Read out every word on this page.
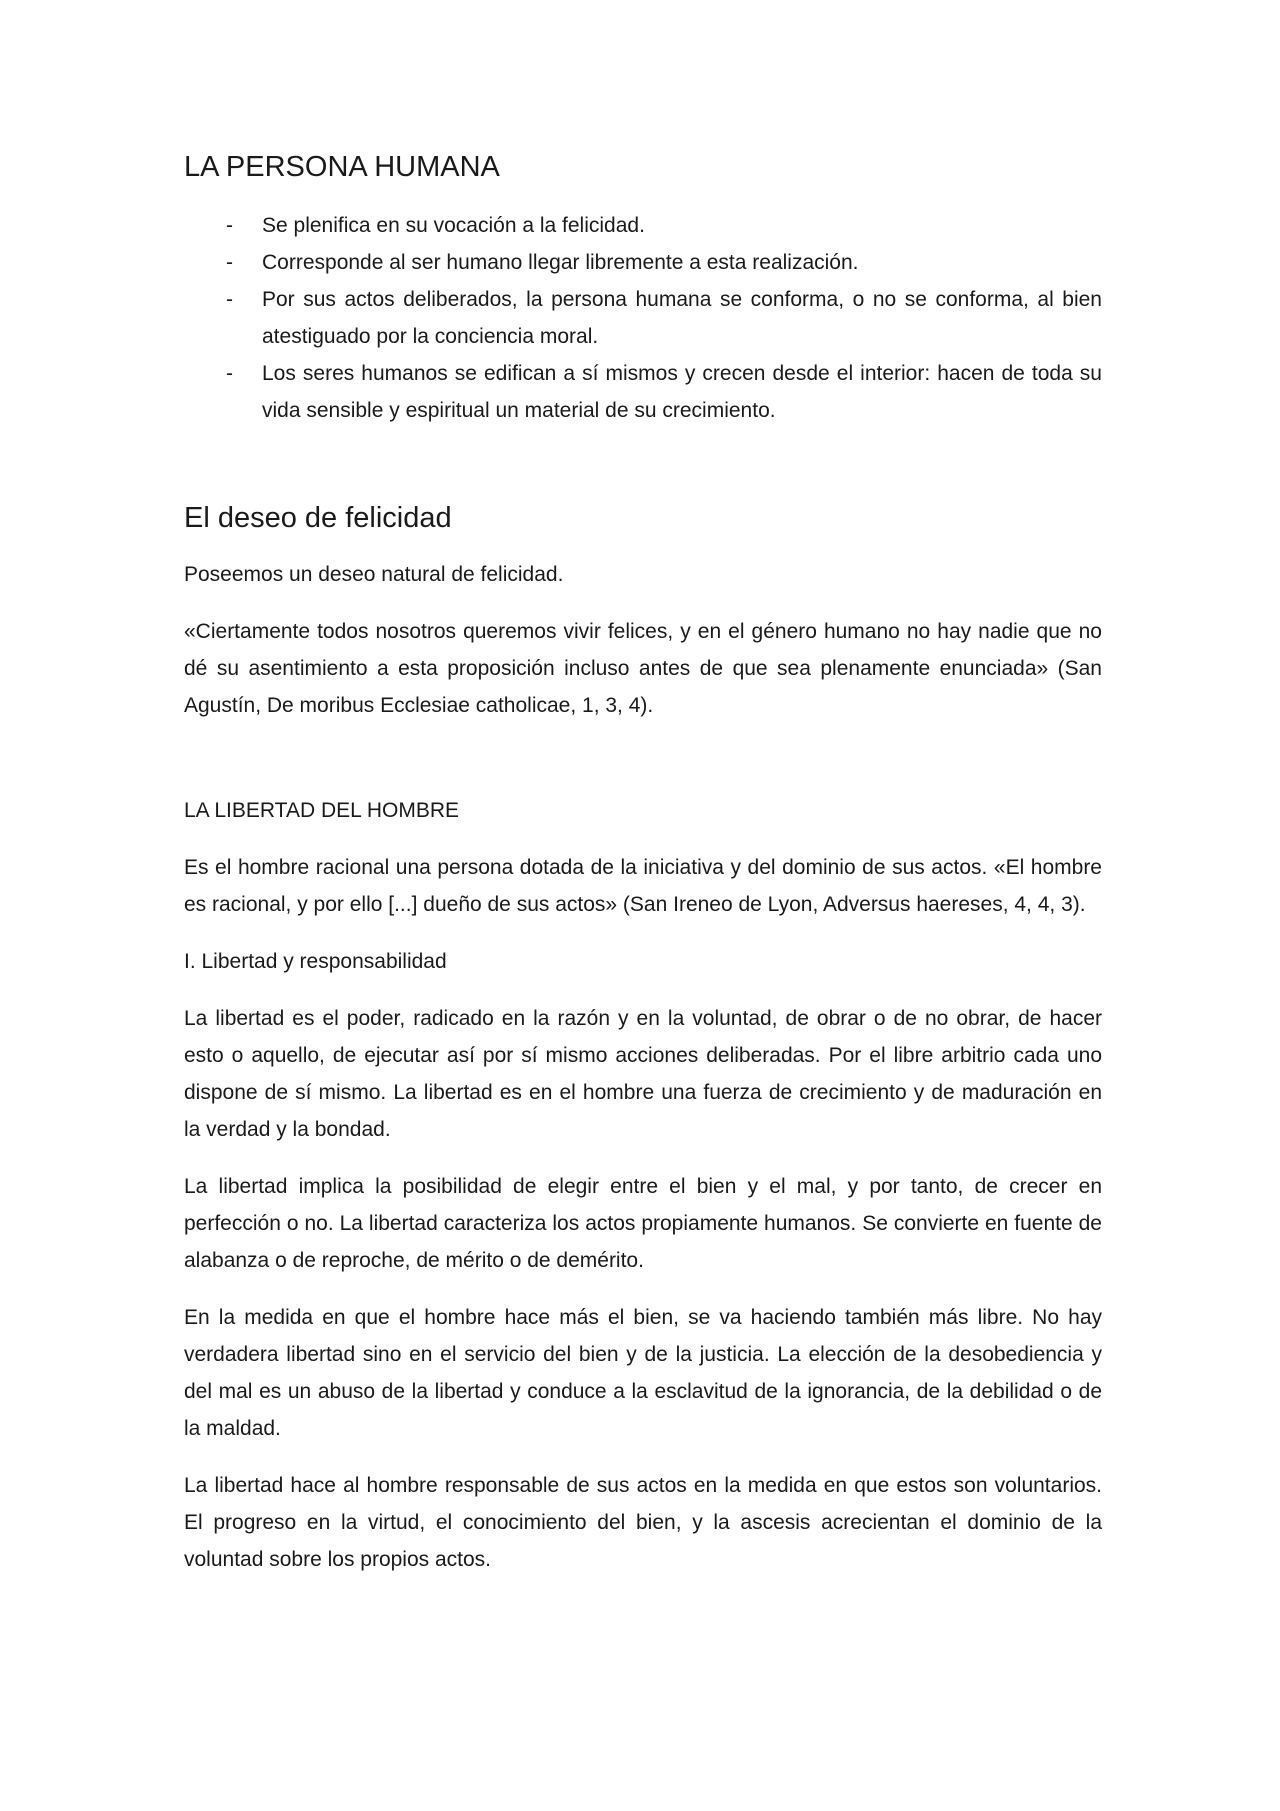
LA PERSONA HUMANA
- Se plenifica en su vocación a la felicidad.
- Corresponde al ser humano llegar libremente a esta realización.
- Por sus actos deliberados, la persona humana se conforma, o no se conforma, al bien atestiguado por la conciencia moral.
- Los seres humanos se edifican a sí mismos y crecen desde el interior: hacen de toda su vida sensible y espiritual un material de su crecimiento.
El deseo de felicidad

Poseemos un deseo natural de felicidad.

«Ciertamente todos nosotros queremos vivir felices, y en el género humano no hay nadie que no dé su asentimiento a esta proposición incluso antes de que sea plenamente enunciada» (San Agustín, De moribus Ecclesiae catholicae, 1, 3, 4).

LA LIBERTAD DEL HOMBRE

Es el hombre racional una persona dotada de la iniciativa y del dominio de sus actos. «El hombre es racional, y por ello [...] dueño de sus actos» (San Ireneo de Lyon, Adversus haereses, 4, 4, 3).

I. Libertad y responsabilidad

La libertad es el poder, radicado en la razón y en la voluntad, de obrar o de no obrar, de hacer esto o aquello, de ejecutar así por sí mismo acciones deliberadas. Por el libre arbitrio cada uno dispone de sí mismo. La libertad es en el hombre una fuerza de crecimiento y de maduración en la verdad y la bondad.

La libertad implica la posibilidad de elegir entre el bien y el mal, y por tanto, de crecer en perfección o no. La libertad caracteriza los actos propiamente humanos. Se convierte en fuente de alabanza o de reproche, de mérito o de demérito.

En la medida en que el hombre hace más el bien, se va haciendo también más libre. No hay verdadera libertad sino en el servicio del bien y de la justicia. La elección de la desobediencia y del mal es un abuso de la libertad y conduce a la esclavitud de la ignorancia, de la debilidad o de la maldad.

La libertad hace al hombre responsable de sus actos en la medida en que estos son voluntarios. El progreso en la virtud, el conocimiento del bien, y la ascesis acrecientan el dominio de la voluntad sobre los propios actos.
